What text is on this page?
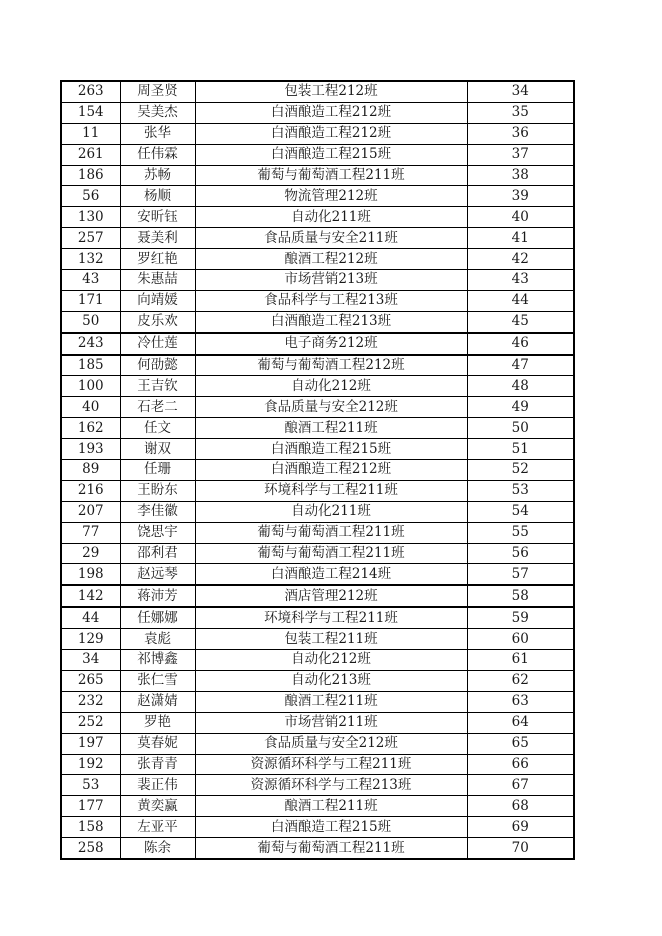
263	周圣贤	包装工程212班	34
154	吴美杰	白酒酿造工程212班	35
11	张华	白酒酿造工程212班	36
261	任伟霖	白酒酿造工程215班	37
186	苏畅	葡萄与葡萄酒工程211班	38
56	杨顺	物流管理212班	39
130	安昕钰	自动化211班	40
257	聂美利	食品质量与安全211班	41
132	罗红艳	酿酒工程212班	42
43	朱惠喆	市场营销213班	43
171	向靖媛	食品科学与工程213班	44
50	皮乐欢	白酒酿造工程213班	45
243	冷仕莲	电子商务212班	46
185	何劭懿	葡萄与葡萄酒工程212班	47
100	王吉钦	自动化212班	48
40	石老二	食品质量与安全212班	49
162	任文	酿酒工程211班	50
193	谢双	白酒酿造工程215班	51
89	任珊	白酒酿造工程212班	52
216	王盼东	环境科学与工程211班	53
207	李佳徽	自动化211班	54
77	饶思宇	葡萄与葡萄酒工程211班	55
29	邵利君	葡萄与葡萄酒工程211班	56
198	赵远琴	白酒酿造工程214班	57
142	蒋沛芳	酒店管理212班	58
44	任娜娜	环境科学与工程211班	59
129	袁彪	包装工程211班	60
34	祁博鑫	自动化212班	61
265	张仁雪	自动化213班	62
232	赵潇婧	酿酒工程211班	63
252	罗艳	市场营销211班	64
197	莫春妮	食品质量与安全212班	65
192	张青青	资源循环科学与工程211班	66
53	裴正伟	资源循环科学与工程213班	67
177	黄奕赢	酿酒工程211班	68
158	左亚平	白酒酿造工程215班	69
258	陈余	葡萄与葡萄酒工程211班	70
